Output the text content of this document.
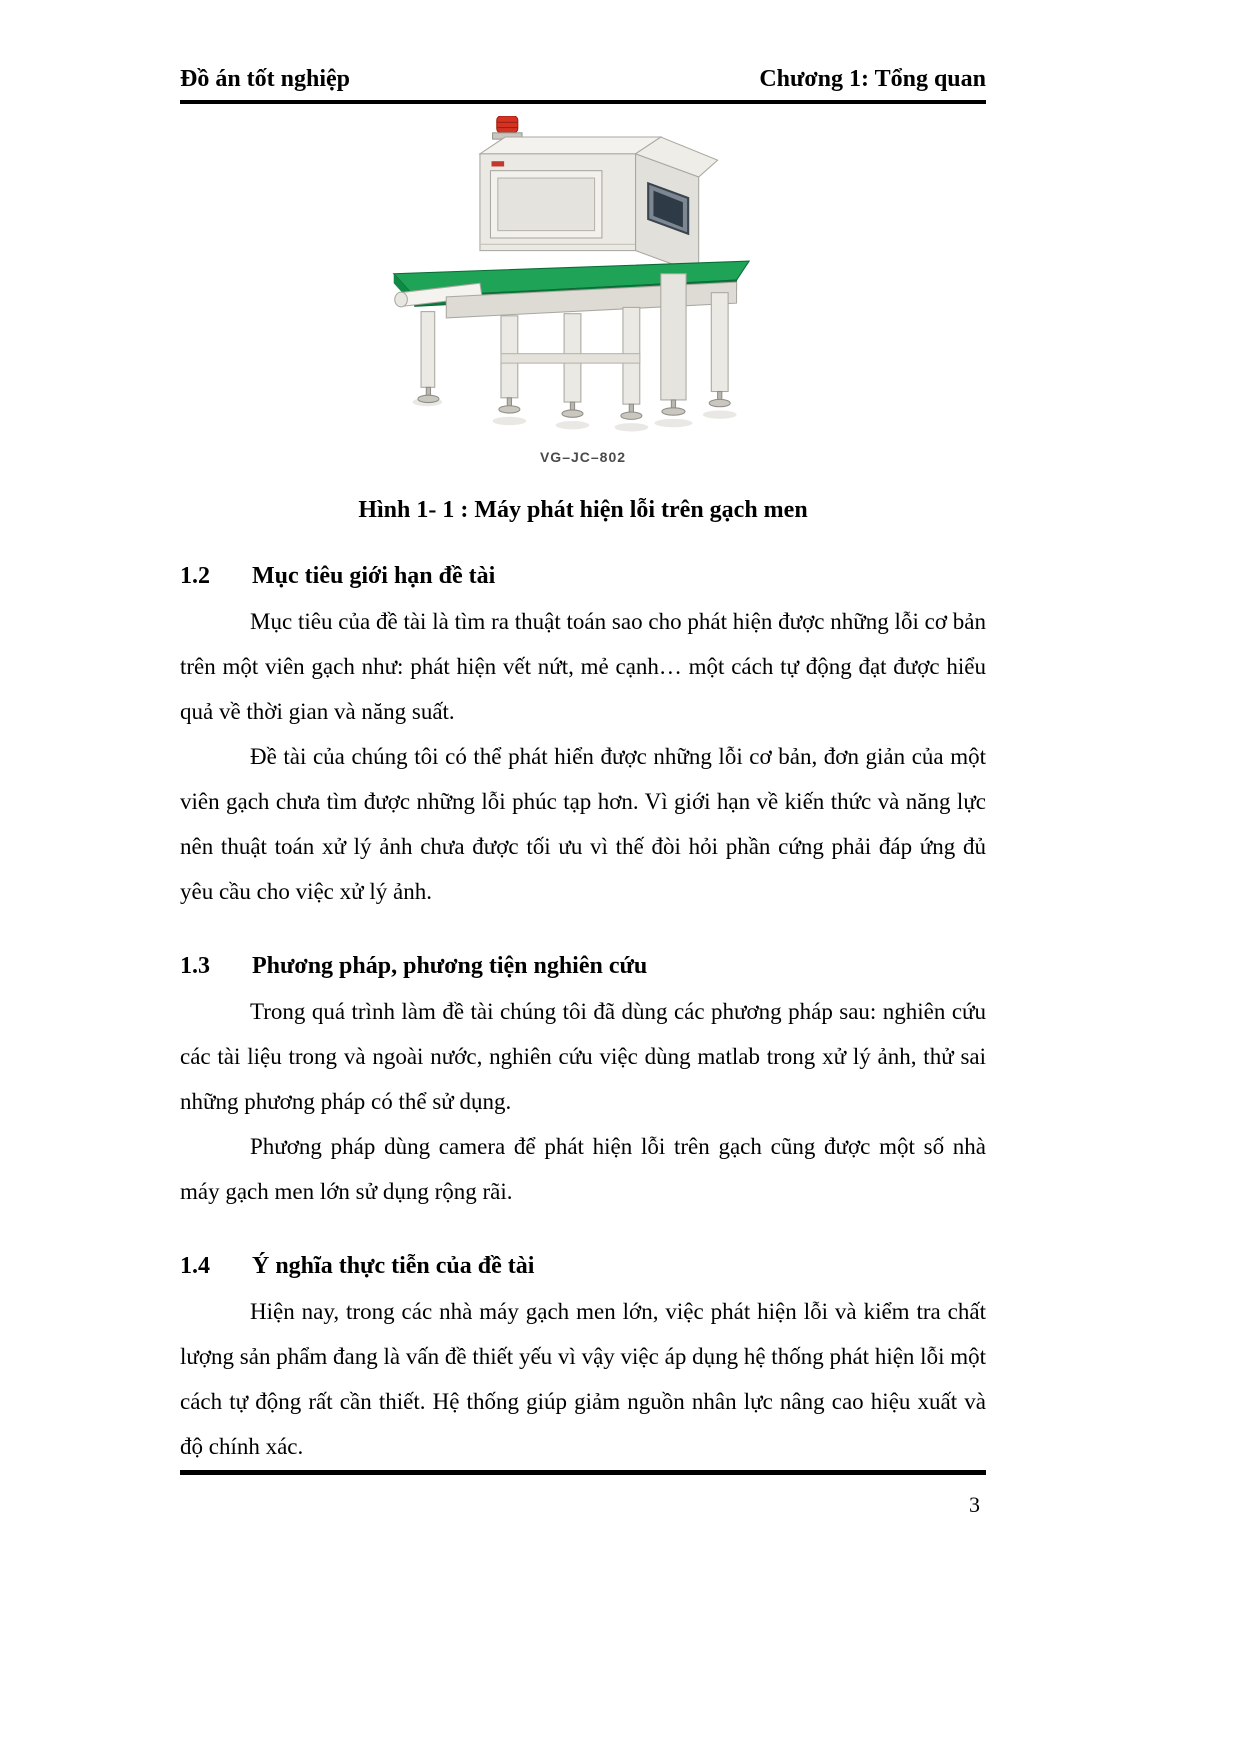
Đồ án tốt nghiệp	Chương 1: Tổng quan
VG–JC–802
Hình 1- 1 : Máy phát hiện lỗi trên gạch men
1.2	Mục tiêu giới hạn đề tài

Mục tiêu của đề tài là tìm ra thuật toán sao cho phát hiện được những lỗi cơ bản trên một viên gạch như: phát hiện vết nứt, mẻ cạnh… một cách tự động đạt được hiểu quả về thời gian và năng suất.

Đề tài của chúng tôi có thể phát hiển được những lỗi cơ bản, đơn giản của một viên gạch chưa tìm được những lỗi phúc tạp hơn. Vì giới hạn về kiến thức và năng lực nên thuật toán xử lý ảnh chưa được tối ưu vì thế đòi hỏi phần cứng phải đáp ứng đủ yêu cầu cho việc xử lý ảnh.

1.3	Phương pháp, phương tiện nghiên cứu

Trong quá trình làm đề tài chúng tôi đã dùng các phương pháp sau: nghiên cứu các tài liệu trong và ngoài nước, nghiên cứu việc dùng matlab trong xử lý ảnh, thử sai những phương pháp có thể sử dụng.

Phương pháp dùng camera để phát hiện lỗi trên gạch cũng được một số nhà máy gạch men lớn sử dụng rộng rãi.

1.4	Ý nghĩa thực tiễn của đề tài

Hiện nay, trong các nhà máy gạch men lớn, việc phát hiện lỗi và kiểm tra chất lượng sản phẩm đang là vấn đề thiết yếu vì vậy việc áp dụng hệ thống phát hiện lỗi một cách tự động rất cần thiết. Hệ thống giúp giảm nguồn nhân lực nâng cao hiệu xuất và độ chính xác.

3
